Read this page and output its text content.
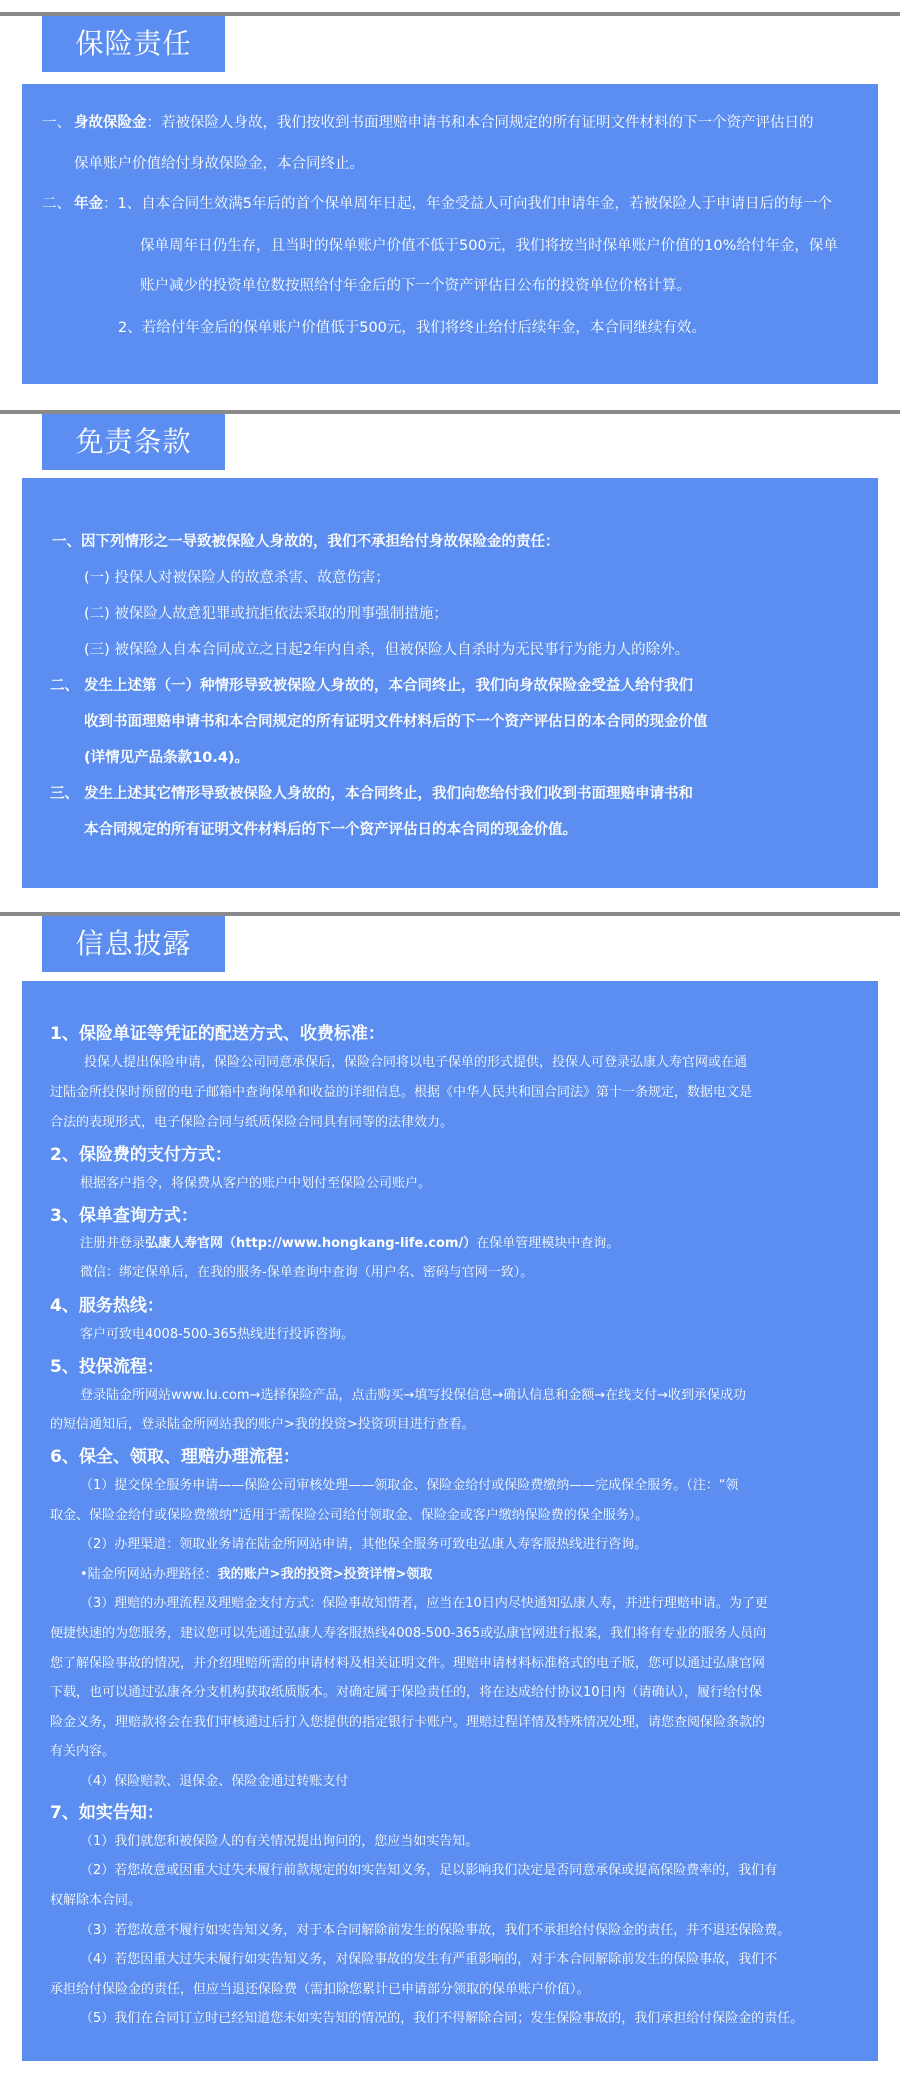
保险责任
一、 身故保险金：若被保险人身故，我们按收到书面理赔申请书和本合同规定的所有证明文件材料的下一个资产评估日的
保单账户价值给付身故保险金，本合同终止。
二、 年金：1、自本合同生效满5年后的首个保单周年日起，年金受益人可向我们申请年金，若被保险人于申请日后的每一个
保单周年日仍生存，且当时的保单账户价值不低于500元，我们将按当时保单账户价值的10%给付年金，保单
账户减少的投资单位数按照给付年金后的下一个资产评估日公布的投资单位价格计算。
2、若给付年金后的保单账户价值低于500元，我们将终止给付后续年金，本合同继续有效。
免责条款
一、因下列情形之一导致被保险人身故的，我们不承担给付身故保险金的责任：
(一) 投保人对被保险人的故意杀害、故意伤害；
(二) 被保险人故意犯罪或抗拒依法采取的刑事强制措施；
(三) 被保险人自本合同成立之日起2年内自杀，但被保险人自杀时为无民事行为能力人的除外。
二、 发生上述第（一）种情形导致被保险人身故的，本合同终止，我们向身故保险金受益人给付我们
收到书面理赔申请书和本合同规定的所有证明文件材料后的下一个资产评估日的本合同的现金价值
(详情见产品条款10.4)。
三、 发生上述其它情形导致被保险人身故的，本合同终止，我们向您给付我们收到书面理赔申请书和
本合同规定的所有证明文件材料后的下一个资产评估日的本合同的现金价值。
信息披露
1、保险单证等凭证的配送方式、收费标准：
投保人提出保险申请，保险公司同意承保后，保险合同将以电子保单的形式提供，投保人可登录弘康人寿官网或在通
过陆金所投保时预留的电子邮箱中查询保单和收益的详细信息。根据《中华人民共和国合同法》第十一条规定，数据电文是
合法的表现形式，电子保险合同与纸质保险合同具有同等的法律效力。
2、保险费的支付方式：
根据客户指令，将保费从客户的账户中划付至保险公司账户。
3、保单查询方式：
注册并登录弘康人寿官网（http://www.hongkang-life.com/）在保单管理模块中查询。
微信：绑定保单后，在我的服务-保单查询中查询（用户名、密码与官网一致）。
4、服务热线：
客户可致电4008-500-365热线进行投诉咨询。
5、投保流程：
登录陆金所网站www.lu.com→选择保险产品，点击购买→填写投保信息→确认信息和金额→在线支付→收到承保成功
的短信通知后，登录陆金所网站我的账户>我的投资>投资项目进行查看。
6、保全、领取、理赔办理流程：
（1）提交保全服务申请——保险公司审核处理——领取金、保险金给付或保险费缴纳——完成保全服务。（注：“领
取金、保险金给付或保险费缴纳”适用于需保险公司给付领取金、保险金或客户缴纳保险费的保全服务）。
（2）办理渠道：领取业务请在陆金所网站申请，其他保全服务可致电弘康人寿客服热线进行咨询。
•陆金所网站办理路径：我的账户>我的投资>投资详情>领取
（3）理赔的办理流程及理赔金支付方式：保险事故知情者，应当在10日内尽快通知弘康人寿，并进行理赔申请。为了更
便捷快速的为您服务，建议您可以先通过弘康人寿客服热线4008-500-365或弘康官网进行报案，我们将有专业的服务人员向
您了解保险事故的情况，并介绍理赔所需的申请材料及相关证明文件。理赔申请材料标准格式的电子版，您可以通过弘康官网
下载，也可以通过弘康各分支机构获取纸质版本。对确定属于保险责任的，将在达成给付协议10日内（请确认），履行给付保
险金义务，理赔款将会在我们审核通过后打入您提供的指定银行卡账户。理赔过程详情及特殊情况处理，请您查阅保险条款的
有关内容。
（4）保险赔款、退保金、保险金通过转账支付
7、如实告知：
（1）我们就您和被保险人的有关情况提出询问的，您应当如实告知。
（2）若您故意或因重大过失未履行前款规定的如实告知义务，足以影响我们决定是否同意承保或提高保险费率的，我们有
权解除本合同。
（3）若您故意不履行如实告知义务，对于本合同解除前发生的保险事故，我们不承担给付保险金的责任，并不退还保险费。
（4）若您因重大过失未履行如实告知义务，对保险事故的发生有严重影响的，对于本合同解除前发生的保险事故，我们不
承担给付保险金的责任，但应当退还保险费（需扣除您累计已申请部分领取的保单账户价值）。
（5）我们在合同订立时已经知道您未如实告知的情况的，我们不得解除合同；发生保险事故的，我们承担给付保险金的责任。
